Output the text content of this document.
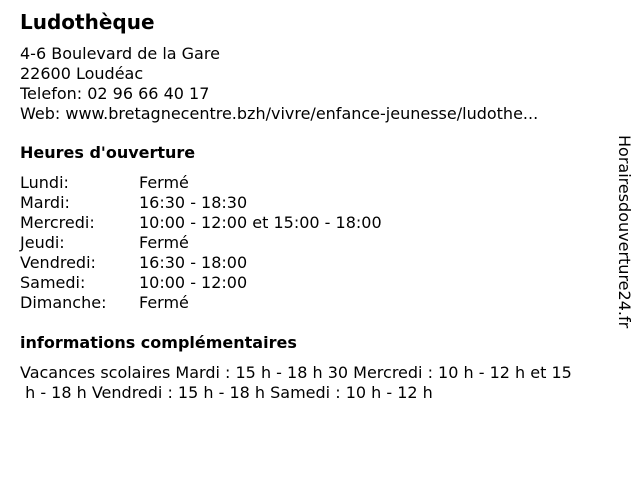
Ludothèque
4-6 Boulevard de la Gare
22600 Loudéac
Telefon: 02 96 66 40 17
Web: www.bretagnecentre.bzh/vivre/enfance-jeunesse/ludothe...
Heures d'ouverture
Lundi:	Fermé
Mardi:	16:30 - 18:30
Mercredi:	10:00 - 12:00 et 15:00 - 18:00
Jeudi:	Fermé
Vendredi:	16:30 - 18:00
Samedi:	10:00 - 12:00
Dimanche:	Fermé
informations complémentaires
Vacances scolaires Mardi : 15 h - 18 h 30 Mercredi : 10 h - 12 h et 15
h - 18 h Vendredi : 15 h - 18 h Samedi : 10 h - 12 h
Horairesdouverture24.fr
